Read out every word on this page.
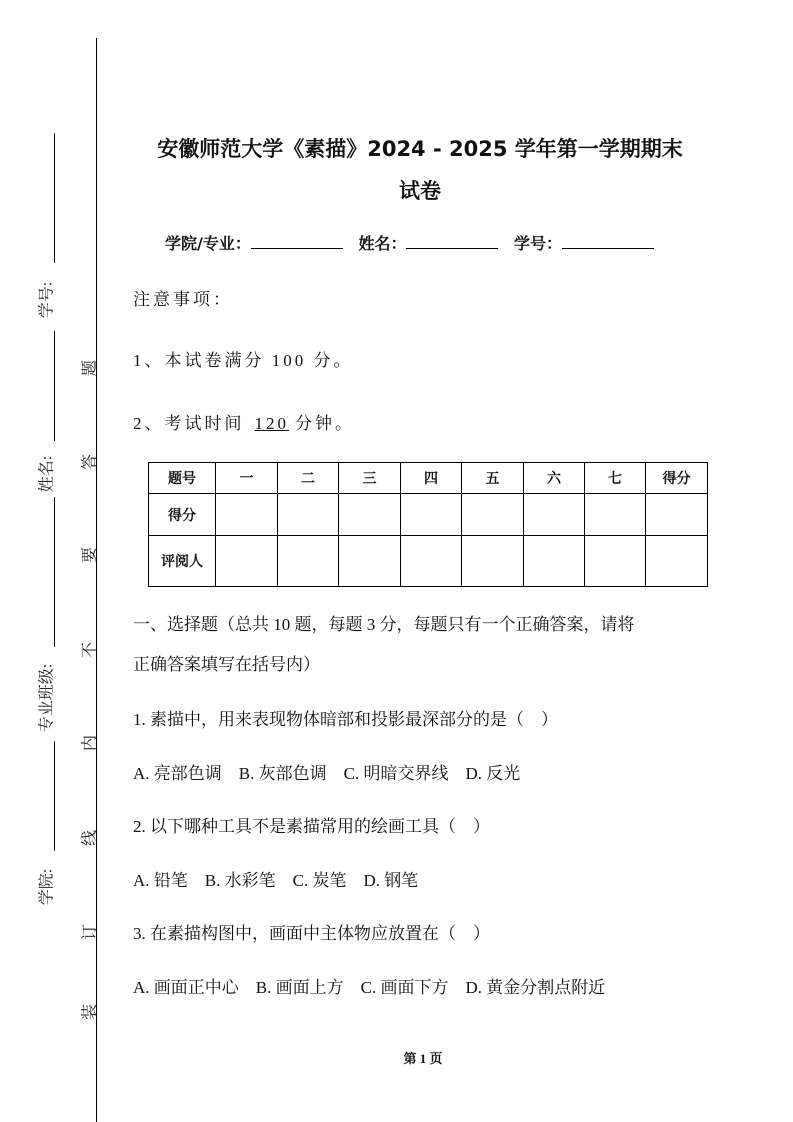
学号:
姓名:
专业班级:
学院:
题
答
要
不
内
线
订
装
安徽师范大学《素描》2024 - 2025 学年第一学期期末
试卷
学院/专业：	姓名：	学号：
注意事项：
1、本试卷满分 100 分。
2、考试时间 120 分钟。
题号	一	二	三	四	五	六	七	得分
得分								
评阅人								
一、选择题（总共 10 题，每题 3 分，每题只有一个正确答案，请将
正确答案填写在括号内）
1. 素描中，用来表现物体暗部和投影最深部分的是（　）
A. 亮部色调　B. 灰部色调　C. 明暗交界线　D. 反光
2. 以下哪种工具不是素描常用的绘画工具（　）
A. 铅笔　B. 水彩笔　C. 炭笔　D. 钢笔
3. 在素描构图中，画面中主体物应放置在（　）
A. 画面正中心　B. 画面上方　C. 画面下方　D. 黄金分割点附近
第 1 页
